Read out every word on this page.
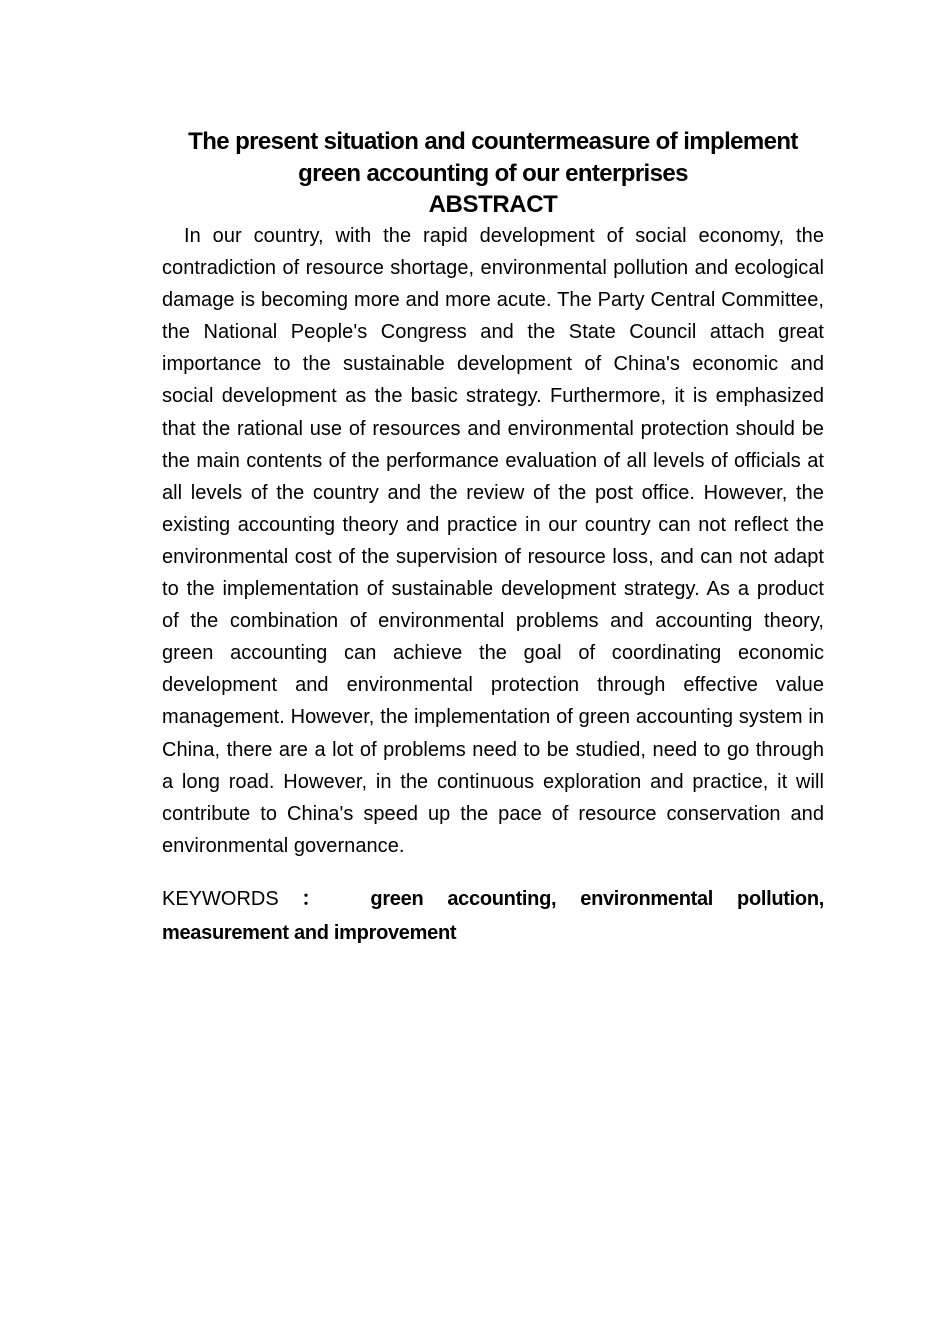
The present situation and countermeasure of implement green accounting of our enterprises
ABSTRACT

In our country, with the rapid development of social economy, the contradiction of resource shortage, environmental pollution and ecological damage is becoming more and more acute. The Party Central Committee, the National People's Congress and the State Council attach great importance to the sustainable development of China's economic and social development as the basic strategy. Furthermore, it is emphasized that the rational use of resources and environmental protection should be the main contents of the performance evaluation of all levels of officials at all levels of the country and the review of the post office. However, the existing accounting theory and practice in our country can not reflect the environmental cost of the supervision of resource loss, and can not adapt to the implementation of sustainable development strategy. As a product of the combination of environmental problems and accounting theory, green accounting can achieve the goal of coordinating economic development and environmental protection through effective value management. However, the implementation of green accounting system in China, there are a lot of problems need to be studied, need to go through a long road. However, in the continuous exploration and practice, it will contribute to China's speed up the pace of resource conservation and environmental governance.

KEYWORDS ： green accounting, environmental pollution, measurement and improvement
